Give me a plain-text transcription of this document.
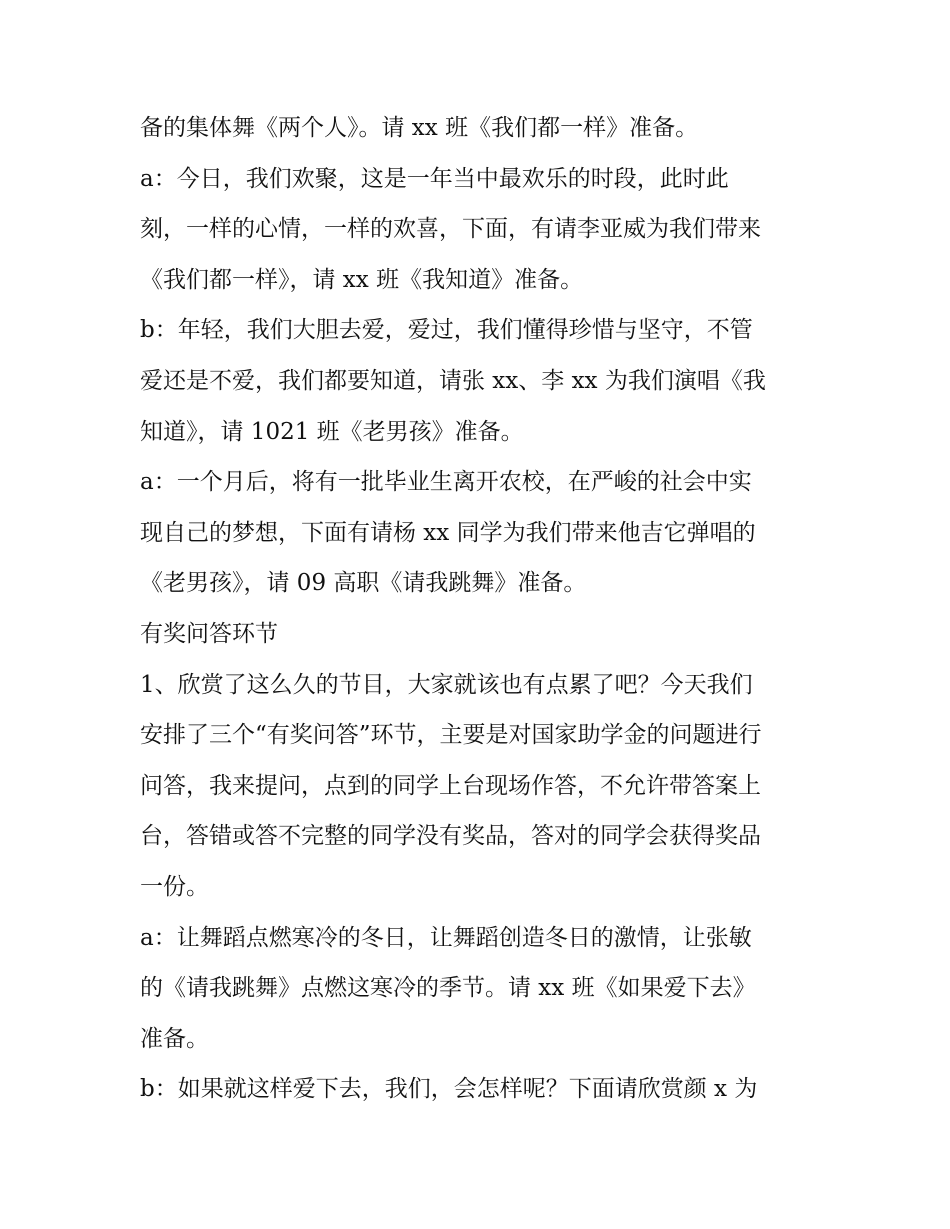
备的集体舞《两个人》。请 xx 班《我们都一样》准备。
a：今日，我们欢聚，这是一年当中最欢乐的时段，此时此
刻，一样的心情，一样的欢喜，下面，有请李亚威为我们带来
《我们都一样》，请 xx 班《我知道》准备。
b：年轻，我们大胆去爱，爱过，我们懂得珍惜与坚守，不管
爱还是不爱，我们都要知道，请张 xx、李 xx 为我们演唱《我
知道》，请 1021 班《老男孩》准备。
a：一个月后，将有一批毕业生离开农校，在严峻的社会中实
现自己的梦想，下面有请杨 xx 同学为我们带来他吉它弹唱的
《老男孩》，请 09 高职《请我跳舞》准备。
有奖问答环节
1、欣赏了这么久的节目，大家就该也有点累了吧？今天我们
安排了三个“有奖问答”环节，主要是对国家助学金的问题进行
问答，我来提问，点到的同学上台现场作答，不允许带答案上
台，答错或答不完整的同学没有奖品，答对的同学会获得奖品
一份。
a：让舞蹈点燃寒冷的冬日，让舞蹈创造冬日的激情，让张敏
的《请我跳舞》点燃这寒冷的季节。请 xx 班《如果爱下去》
准备。
b：如果就这样爱下去，我们，会怎样呢？下面请欣赏颜 x 为
